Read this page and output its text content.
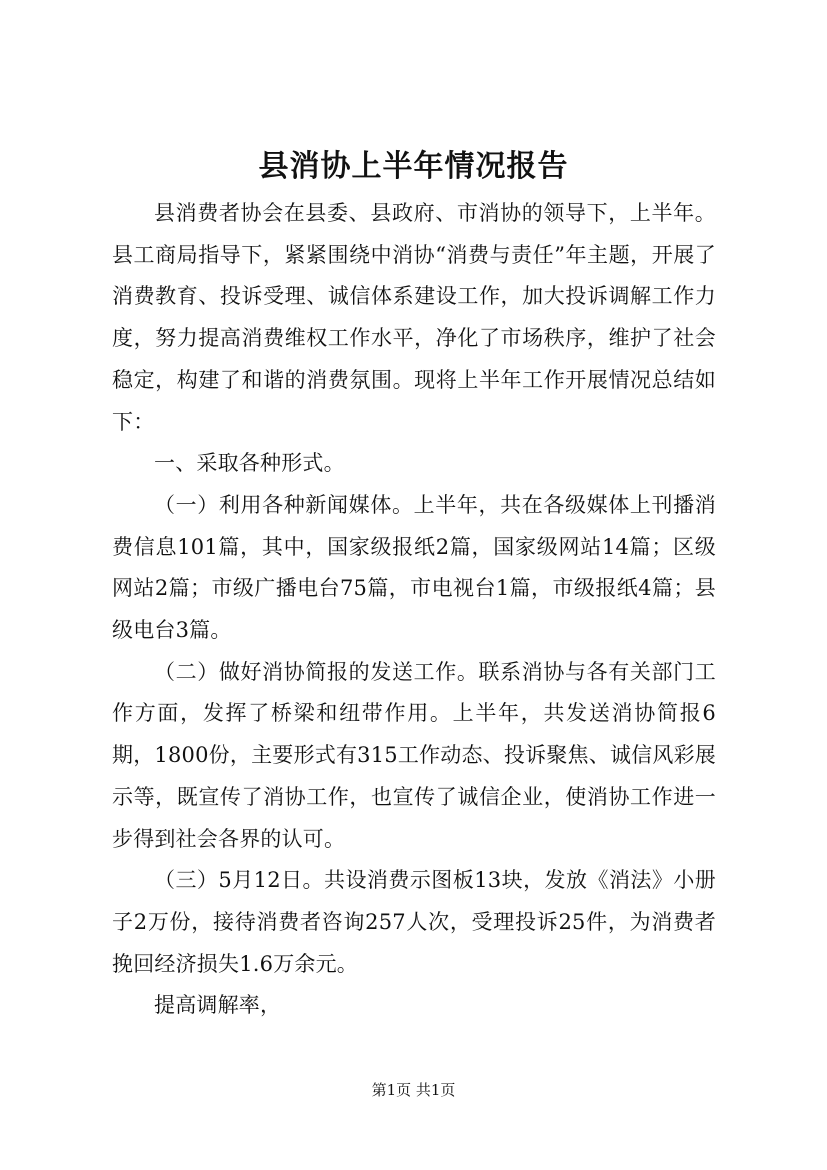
县消协上半年情况报告

县消费者协会在县委、县政府、市消协的领导下，上半年。县工商局指导下，紧紧围绕中消协“消费与责任”年主题，开展了消费教育、投诉受理、诚信体系建设工作，加大投诉调解工作力度，努力提高消费维权工作水平，净化了市场秩序，维护了社会稳定，构建了和谐的消费氛围。现将上半年工作开展情况总结如下：

一、采取各种形式。

（一）利用各种新闻媒体。上半年，共在各级媒体上刊播消费信息101篇，其中，国家级报纸2篇，国家级网站14篇；区级网站2篇；市级广播电台75篇，市电视台1篇，市级报纸4篇；县级电台3篇。

（二）做好消协简报的发送工作。联系消协与各有关部门工作方面，发挥了桥梁和纽带作用。上半年，共发送消协简报6期，1800份，主要形式有315工作动态、投诉聚焦、诚信风彩展示等，既宣传了消协工作，也宣传了诚信企业，使消协工作进一步得到社会各界的认可。

（三）5月12日。共设消费示图板13块，发放《消法》小册子2万份，接待消费者咨询257人次，受理投诉25件，为消费者挽回经济损失1.6万余元。

提高调解率，

第1页 共1页
